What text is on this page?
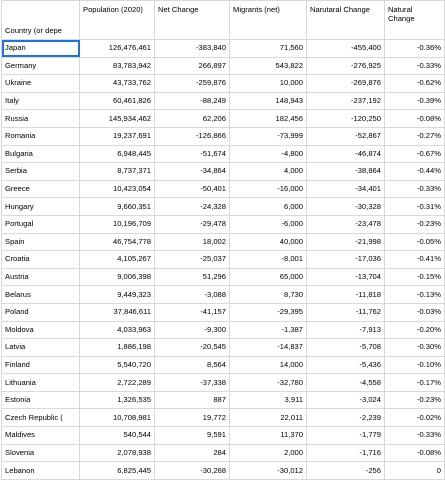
Country (or depe	Population (2020)	Net Change	Migrants (net)	Narutaral Change	Natural Change
Japan	126,476,461	-383,840	71,560	-455,400	-0.36%
Germany	83,783,942	266,897	543,822	-276,925	-0.33%
Ukraine	43,733,762	-259,876	10,000	-269,876	-0.62%
Italy	60,461,826	-88,249	148,943	-237,192	-0.39%
Russia	145,934,462	62,206	182,456	-120,250	-0.08%
Romania	19,237,691	-126,866	-73,999	-52,867	-0.27%
Bulgaria	6,948,445	-51,674	-4,800	-46,874	-0.67%
Serbia	8,737,371	-34,864	4,000	-38,864	-0.44%
Greece	10,423,054	-50,401	-16,000	-34,401	-0.33%
Hungary	9,660,351	-24,328	6,000	-30,328	-0.31%
Portugal	10,196,709	-29,478	-6,000	-23,478	-0.23%
Spain	46,754,778	18,002	40,000	-21,998	-0.05%
Croatia	4,105,267	-25,037	-8,001	-17,036	-0.41%
Austria	9,006,398	51,296	65,000	-13,704	-0.15%
Belarus	9,449,323	-3,088	8,730	-11,818	-0.13%
Poland	37,846,611	-41,157	-29,395	-11,762	-0.03%
Moldova	4,033,963	-9,300	-1,387	-7,913	-0.20%
Latvia	1,886,198	-20,545	-14,837	-5,708	-0.30%
Finland	5,540,720	8,564	14,000	-5,436	-0.10%
Lithuania	2,722,289	-37,338	-32,780	-4,558	-0.17%
Estonia	1,326,535	887	3,911	-3,024	-0.23%
Czech Republic (	10,708,981	19,772	22,011	-2,239	-0.02%
Maldives	540,544	9,591	11,370	-1,779	-0.33%
Slovenia	2,078,938	284	2,000	-1,716	-0.08%
Lebanon	6,825,445	-30,268	-30,012	-256	0
